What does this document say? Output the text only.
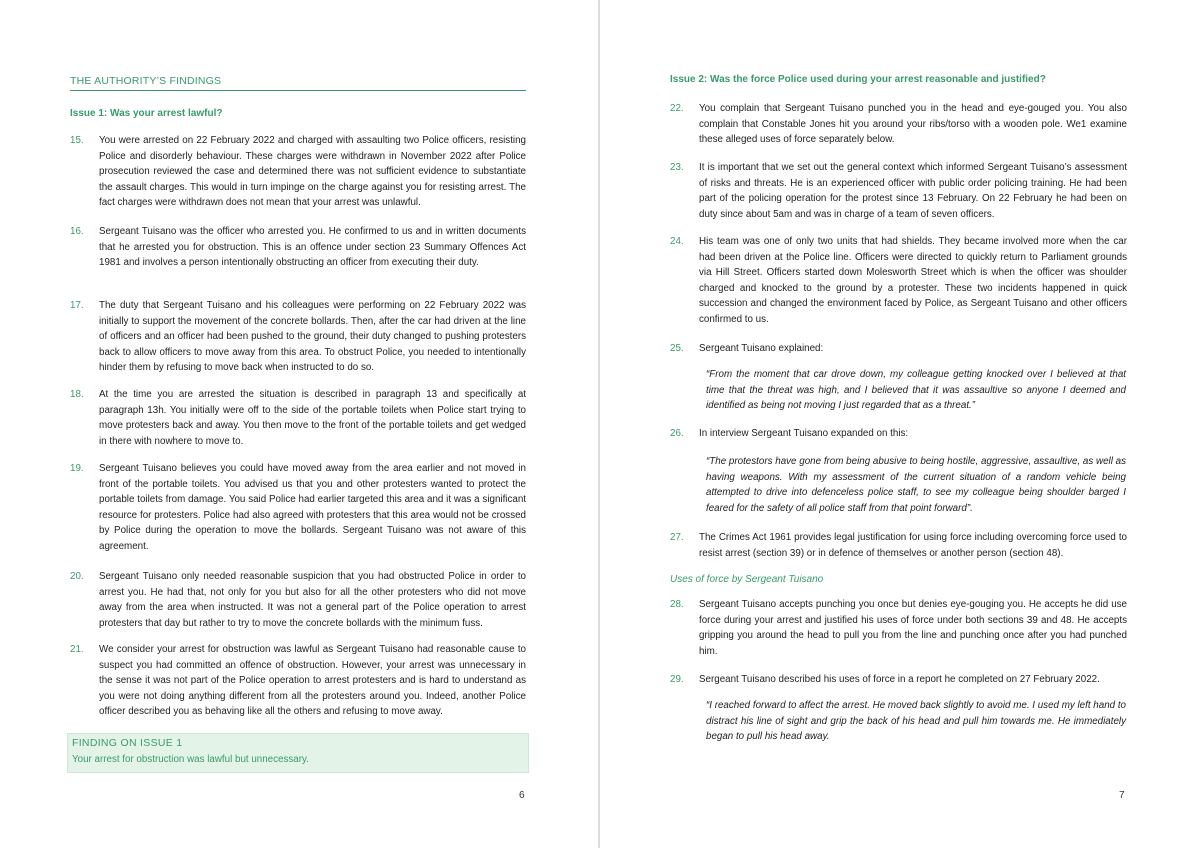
THE AUTHORITY’S FINDINGS
Issue 1: Was your arrest lawful?
15.	You were arrested on 22 February 2022 and charged with assaulting two Police officers, resisting Police and disorderly behaviour. These charges were withdrawn in November 2022 after Police prosecution reviewed the case and determined there was not sufficient evidence to substantiate the assault charges. This would in turn impinge on the charge against you for resisting arrest. The fact charges were withdrawn does not mean that your arrest was unlawful.
16.	Sergeant Tuisano was the officer who arrested you. He confirmed to us and in written documents that he arrested you for obstruction. This is an offence under section 23 Summary Offences Act 1981 and involves a person intentionally obstructing an officer from executing their duty.
17.	The duty that Sergeant Tuisano and his colleagues were performing on 22 February 2022 was initially to support the movement of the concrete bollards. Then, after the car had driven at the line of officers and an officer had been pushed to the ground, their duty changed to pushing protesters back to allow officers to move away from this area. To obstruct Police, you needed to intentionally hinder them by refusing to move back when instructed to do so.
18.	At the time you are arrested the situation is described in paragraph 13 and specifically at paragraph 13h. You initially were off to the side of the portable toilets when Police start trying to move protesters back and away. You then move to the front of the portable toilets and get wedged in there with nowhere to move to.
19.	Sergeant Tuisano believes you could have moved away from the area earlier and not moved in front of the portable toilets. You advised us that you and other protesters wanted to protect the portable toilets from damage. You said Police had earlier targeted this area and it was a significant resource for protesters. Police had also agreed with protesters that this area would not be crossed by Police during the operation to move the bollards. Sergeant Tuisano was not aware of this agreement.
20.	Sergeant Tuisano only needed reasonable suspicion that you had obstructed Police in order to arrest you. He had that, not only for you but also for all the other protesters who did not move away from the area when instructed. It was not a general part of the Police operation to arrest protesters that day but rather to try to move the concrete bollards with the minimum fuss.
21.	We consider your arrest for obstruction was lawful as Sergeant Tuisano had reasonable cause to suspect you had committed an offence of obstruction. However, your arrest was unnecessary in the sense it was not part of the Police operation to arrest protesters and is hard to understand as you were not doing anything different from all the protesters around you. Indeed, another Police officer described you as behaving like all the others and refusing to move away.
FINDING ON ISSUE 1
Your arrest for obstruction was lawful but unnecessary.
6
Issue 2: Was the force Police used during your arrest reasonable and justified?
22.	You complain that Sergeant Tuisano punched you in the head and eye-gouged you. You also complain that Constable Jones hit you around your ribs/torso with a wooden pole. We1 examine these alleged uses of force separately below.
23.	It is important that we set out the general context which informed Sergeant Tuisano’s assessment of risks and threats. He is an experienced officer with public order policing training. He had been part of the policing operation for the protest since 13 February. On 22 February he had been on duty since about 5am and was in charge of a team of seven officers.
24.	His team was one of only two units that had shields. They became involved more when the car had been driven at the Police line. Officers were directed to quickly return to Parliament grounds via Hill Street. Officers started down Molesworth Street which is when the officer was shoulder charged and knocked to the ground by a protester. These two incidents happened in quick succession and changed the environment faced by Police, as Sergeant Tuisano and other officers confirmed to us.
25.	Sergeant Tuisano explained:
“From the moment that car drove down, my colleague getting knocked over I believed at that time that the threat was high, and I believed that it was assaultive so anyone I deemed and identified as being not moving I just regarded that as a threat.”
26.	In interview Sergeant Tuisano expanded on this:
“The protestors have gone from being abusive to being hostile, aggressive, assaultive, as well as having weapons. With my assessment of the current situation of a random vehicle being attempted to drive into defenceless police staff, to see my colleague being shoulder barged I feared for the safety of all police staff from that point forward”.
27.	The Crimes Act 1961 provides legal justification for using force including overcoming force used to resist arrest (section 39) or in defence of themselves or another person (section 48).
Uses of force by Sergeant Tuisano
28.	Sergeant Tuisano accepts punching you once but denies eye-gouging you. He accepts he did use force during your arrest and justified his uses of force under both sections 39 and 48. He accepts gripping you around the head to pull you from the line and punching once after you had punched him.
29.	Sergeant Tuisano described his uses of force in a report he completed on 27 February 2022.
“I reached forward to affect the arrest. He moved back slightly to avoid me. I used my left hand to distract his line of sight and grip the back of his head and pull him towards me. He immediately began to pull his head away.
7
